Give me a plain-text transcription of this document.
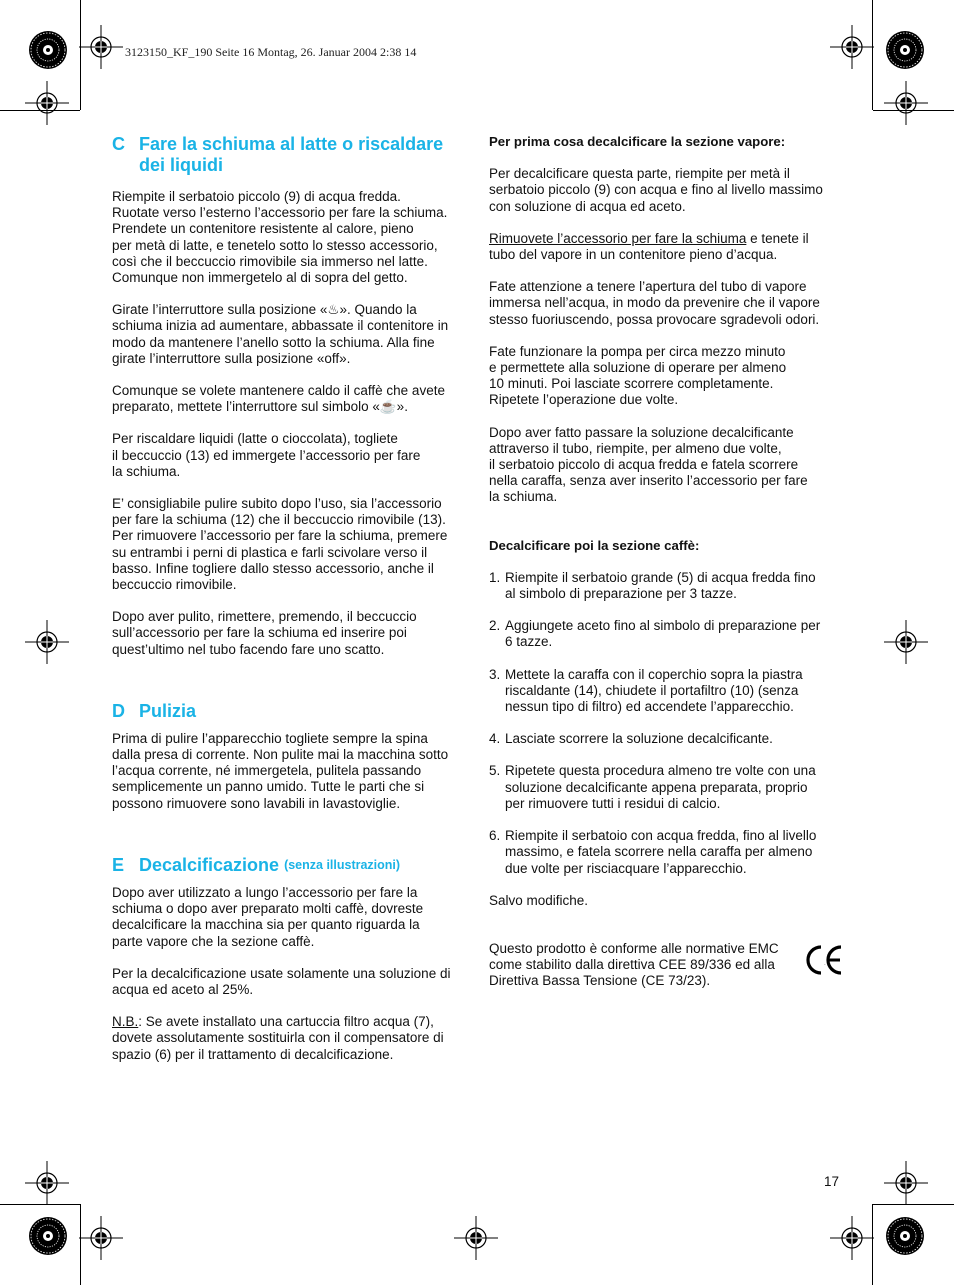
3123150_KF_190 Seite 16 Montag, 26. Januar 2004 2:38 14
C Fare la schiuma al latte o riscaldare
dei liquidi

Riempite il serbatoio piccolo (9) di acqua fredda.
Ruotate verso l’esterno l’accessorio per fare la schiuma.
Prendete un contenitore resistente al calore, pieno
per metà di latte, e tenetelo sotto lo stesso accessorio,
così che il beccuccio rimovibile sia immerso nel latte.
Comunque non immergetelo al di sopra del getto.

Girate l’interruttore sulla posizione «♨». Quando la
schiuma inizia ad aumentare, abbassate il contenitore in
modo da mantenere l’anello sotto la schiuma. Alla fine
girate l’interruttore sulla posizione «off».

Comunque se volete mantenere caldo il caffè che avete
preparato, mettete l’interruttore sul simbolo «☕».

Per riscaldare liquidi (latte o cioccolata), togliete
il beccuccio (13) ed immergete l’accessorio per fare
la schiuma.

E’ consigliabile pulire subito dopo l’uso, sia l’accessorio
per fare la schiuma (12) che il beccuccio rimovibile (13).
Per rimuovere l’accessorio per fare la schiuma, premere
su entrambi i perni di plastica e farli scivolare verso il
basso. Infine togliere dallo stesso accessorio, anche il
beccuccio rimovibile.

Dopo aver pulito, rimettere, premendo, il beccuccio
sull’accessorio per fare la schiuma ed inserire poi
quest’ultimo nel tubo facendo fare uno scatto.

D Pulizia

Prima di pulire l’apparecchio togliete sempre la spina
dalla presa di corrente. Non pulite mai la macchina sotto
l’acqua corrente, né immergetela, pulitela passando
semplicemente un panno umido. Tutte le parti che si
possono rimuovere sono lavabili in lavastoviglie.

E Decalcificazione (senza illustrazioni)

Dopo aver utilizzato a lungo l’accessorio per fare la
schiuma o dopo aver preparato molti caffè, dovreste
decalcificare la macchina sia per quanto riguarda la
parte vapore che la sezione caffè.

Per la decalcificazione usate solamente una soluzione di
acqua ed aceto al 25%.

N.B.: Se avete installato una cartuccia filtro acqua (7),
dovete assolutamente sostituirla con il compensatore di
spazio (6) per il trattamento di decalcificazione.

Per prima cosa decalcificare la sezione vapore:

Per decalcificare questa parte, riempite per metà il
serbatoio piccolo (9) con acqua e fino al livello massimo
con soluzione di acqua ed aceto.

Rimuovete l’accessorio per fare la schiuma e tenete il
tubo del vapore in un contenitore pieno d’acqua.

Fate attenzione a tenere l’apertura del tubo di vapore
immersa nell’acqua, in modo da prevenire che il vapore
stesso fuoriuscendo, possa provocare sgradevoli odori.

Fate funzionare la pompa per circa mezzo minuto
e permettete alla soluzione di operare per almeno
10 minuti. Poi lasciate scorrere completamente.
Ripetete l’operazione due volte.

Dopo aver fatto passare la soluzione decalcificante
attraverso il tubo, riempite, per almeno due volte,
il serbatoio piccolo di acqua fredda e fatela scorrere
nella caraffa, senza aver inserito l’accessorio per fare
la schiuma.

Decalcificare poi la sezione caffè:

1. Riempite il serbatoio grande (5) di acqua fredda fino
al simbolo di preparazione per 3 tazze.
2. Aggiungete aceto fino al simbolo di preparazione per
6 tazze.
3. Mettete la caraffa con il coperchio sopra la piastra
riscaldante (14), chiudete il portafiltro (10) (senza
nessun tipo di filtro) ed accendete l’apparecchio.
4. Lasciate scorrere la soluzione decalcificante.
5. Ripetete questa procedura almeno tre volte con una
soluzione decalcificante appena preparata, proprio
per rimuovere tutti i residui di calcio.
6. Riempite il serbatoio con acqua fredda, fino al livello
massimo, e fatela scorrere nella caraffa per almeno
due volte per risciacquare l’apparecchio.

Salvo modifiche.

Questo prodotto è conforme alle normative EMC
come stabilito dalla direttiva CEE 89/336 ed alla
Direttiva Bassa Tensione (CE 73/23).

CE
17
